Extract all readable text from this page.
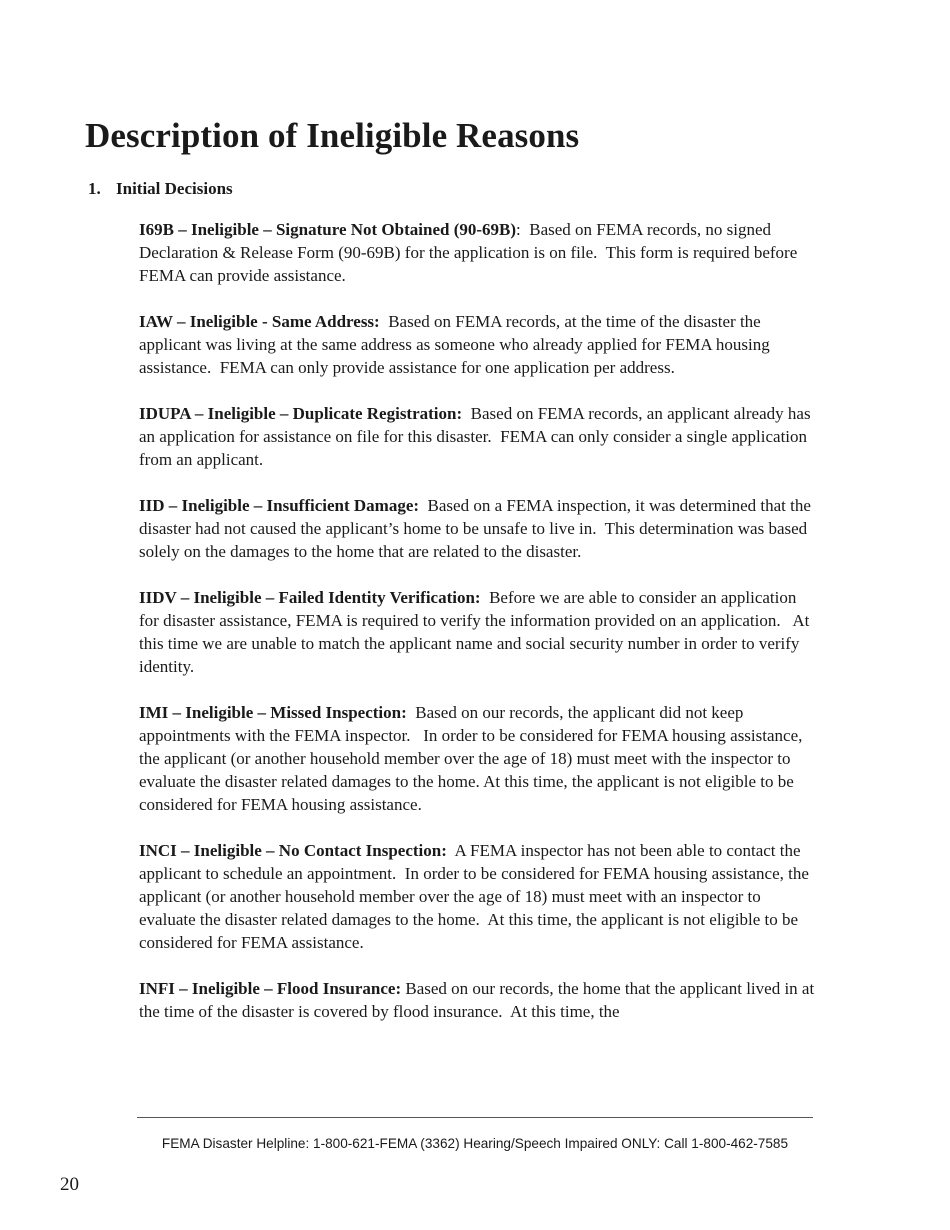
Description of Ineligible Reasons
1. Initial Decisions

I69B – Ineligible – Signature Not Obtained (90-69B):  Based on FEMA records, no signed Declaration & Release Form (90-69B) for the application is on file.  This form is required before FEMA can provide assistance.

IAW – Ineligible - Same Address:  Based on FEMA records, at the time of the disaster the applicant was living at the same address as someone who already applied for FEMA housing assistance.  FEMA can only provide assistance for one application per address.

IDUPA – Ineligible – Duplicate Registration:  Based on FEMA records, an applicant already has an application for assistance on file for this disaster.  FEMA can only consider a single application from an applicant.

IID – Ineligible – Insufficient Damage:  Based on a FEMA inspection, it was determined that the disaster had not caused the applicant’s home to be unsafe to live in.  This determination was based solely on the damages to the home that are related to the disaster.

IIDV – Ineligible – Failed Identity Verification:  Before we are able to consider an application for disaster assistance, FEMA is required to verify the information provided on an application.   At this time we are unable to match the applicant name and social security number in order to verify identity.

IMI – Ineligible – Missed Inspection:  Based on our records, the applicant did not keep appointments with the FEMA inspector.   In order to be considered for FEMA housing assistance, the applicant (or another household member over the age of 18) must meet with the inspector to evaluate the disaster related damages to the home. At this time, the applicant is not eligible to be considered for FEMA housing assistance.

INCI – Ineligible – No Contact Inspection:  A FEMA inspector has not been able to contact the applicant to schedule an appointment.  In order to be considered for FEMA housing assistance, the applicant (or another household member over the age of 18) must meet with an inspector to evaluate the disaster related damages to the home.  At this time, the applicant is not eligible to be considered for FEMA assistance.

INFI – Ineligible – Flood Insurance: Based on our records, the home that the applicant lived in at the time of the disaster is covered by flood insurance.  At this time, the

FEMA Disaster Helpline: 1-800-621-FEMA (3362) Hearing/Speech Impaired ONLY: Call 1-800-462-7585
20
